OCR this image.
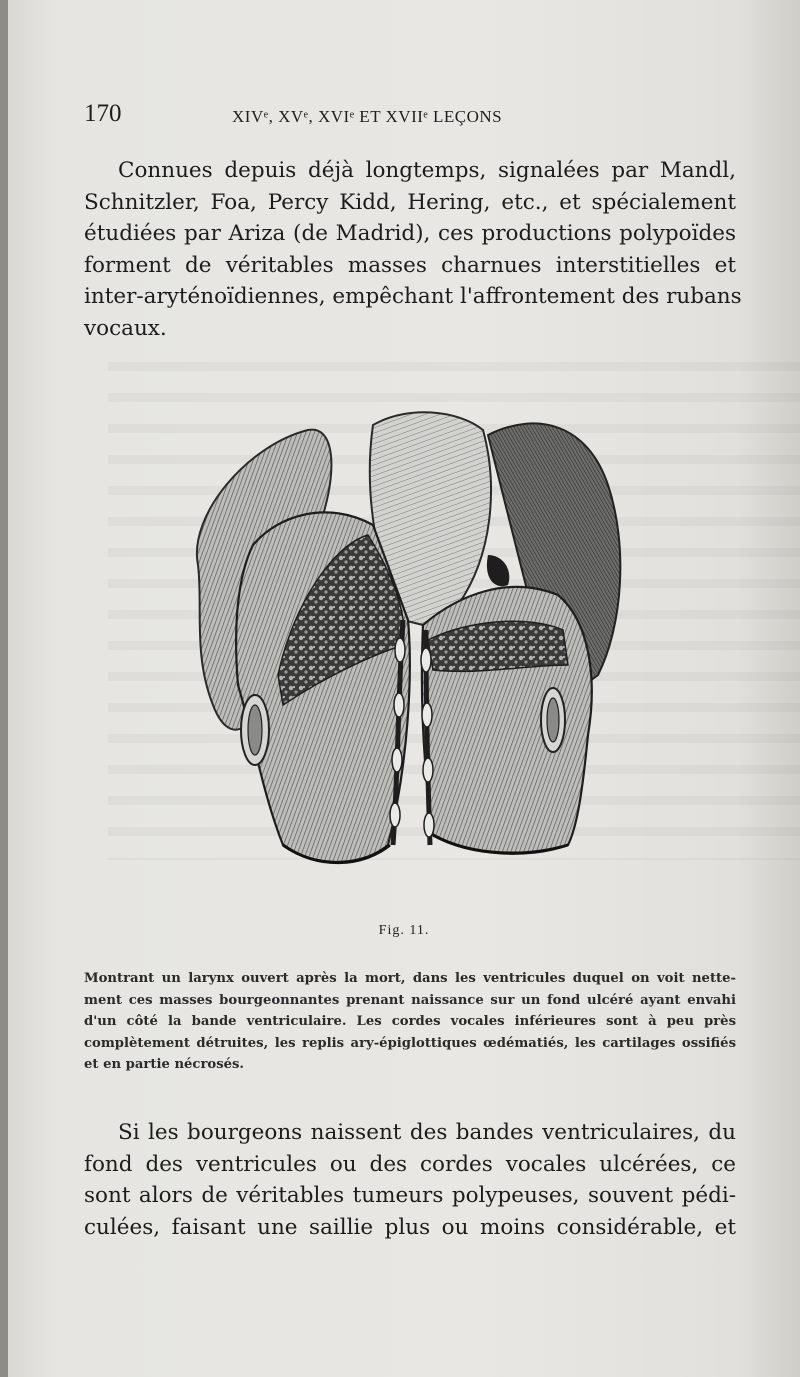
170	XIVᵉ, XVᵉ, XVIᵉ ET XVIIᵉ LEÇONS
Connues depuis déjà longtemps, signalées par Mandl,
Schnitzler, Foa, Percy Kidd, Hering, etc., et spécialement
étudiées par Ariza (de Madrid), ces productions polypoïdes
forment de véritables masses charnues interstitielles et
inter-aryténoïdiennes, empêchant l'affrontement des rubans
vocaux.
Fig. 11.
Montrant un larynx ouvert après la mort, dans les ventricules duquel on voit nette-
ment ces masses bourgeonnantes prenant naissance sur un fond ulcéré ayant envahi
d'un côté la bande ventriculaire. Les cordes vocales inférieures sont à peu près
complètement détruites, les replis ary-épiglottiques œdématiés, les cartilages ossifiés
et en partie nécrosés.
Si les bourgeons naissent des bandes ventriculaires, du
fond des ventricules ou des cordes vocales ulcérées, ce
sont alors de véritables tumeurs polypeuses, souvent pédi-
culées, faisant une saillie plus ou moins considérable, et
